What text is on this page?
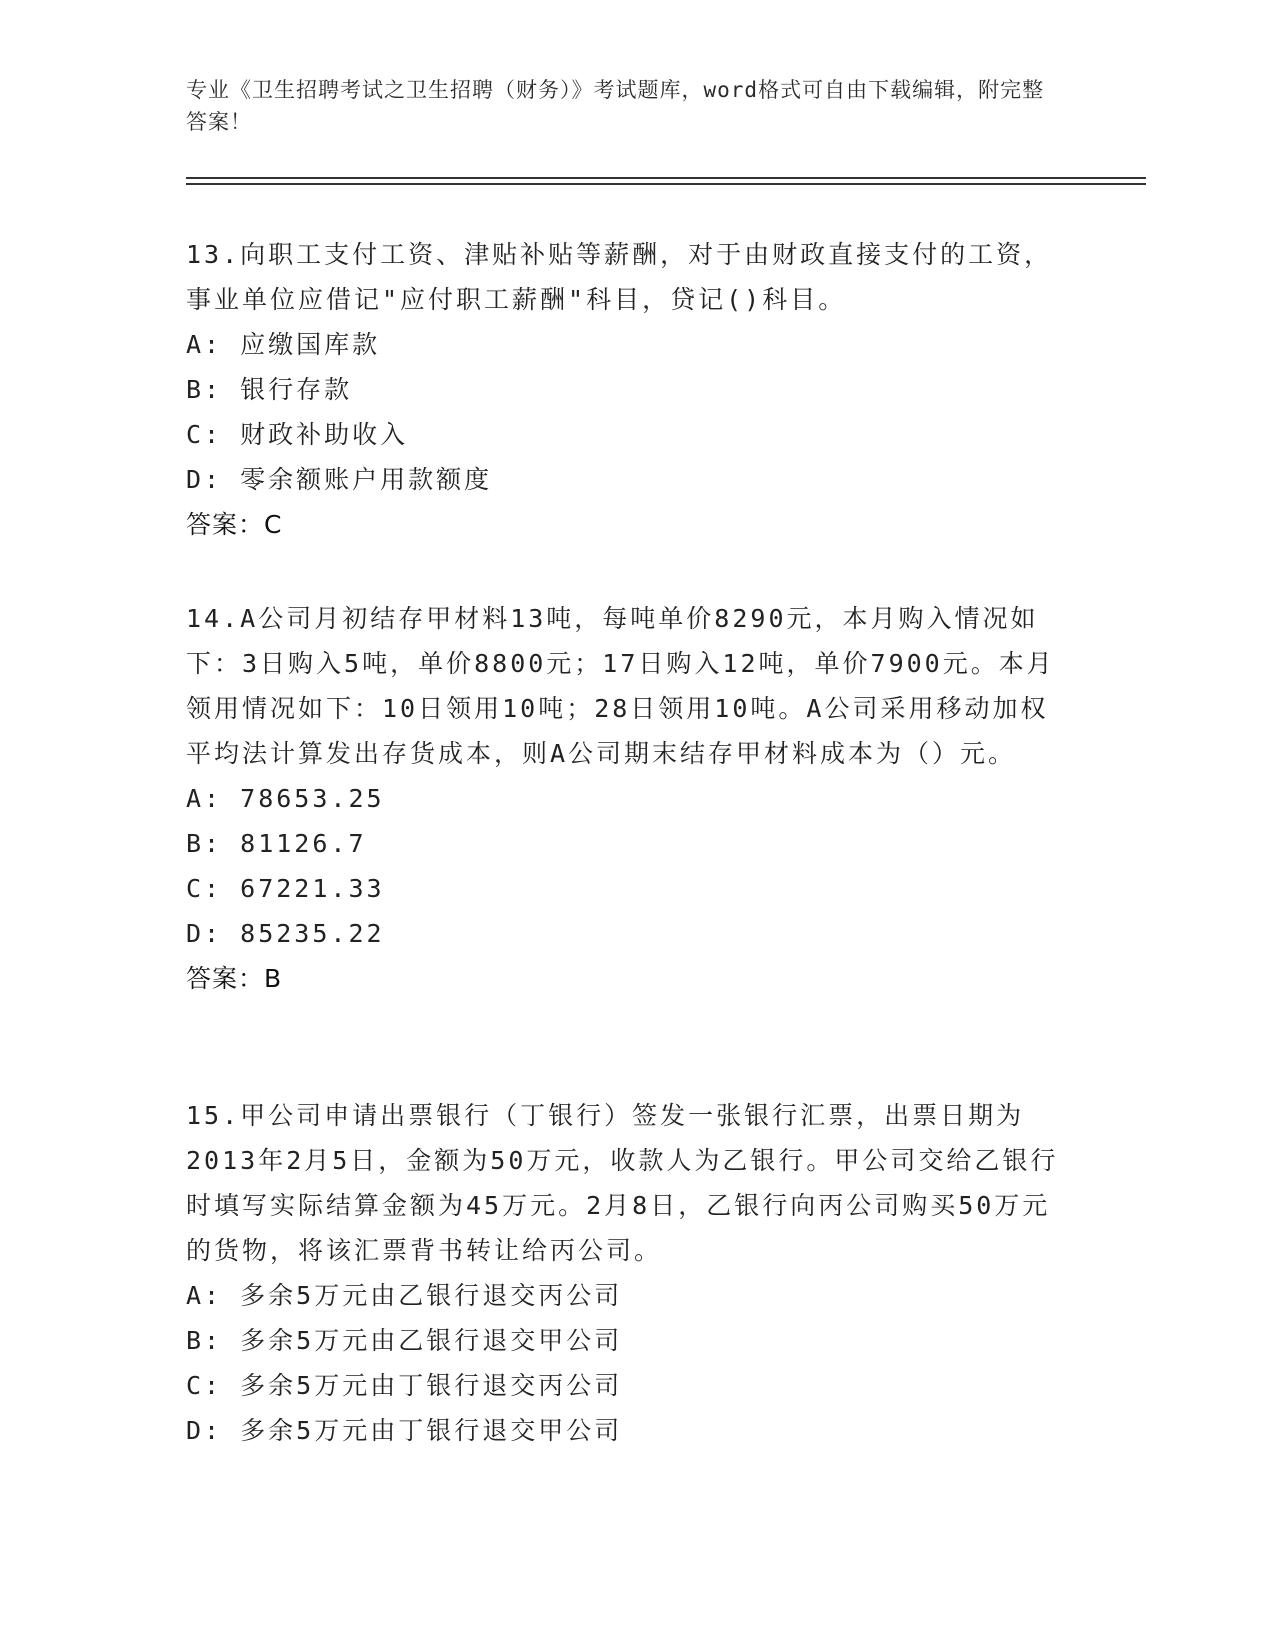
专业《卫生招聘考试之卫生招聘（财务）》考试题库，word格式可自由下载编辑，附完整答案！

13.向职工支付工资、津贴补贴等薪酬，对于由财政直接支付的工资，事业单位应借记"应付职工薪酬"科目，贷记()科目。

A: 应缴国库款

B: 银行存款

C: 财政补助收入

D: 零余额账户用款额度

答案：C

14.A公司月初结存甲材料13吨，每吨单价8290元，本月购入情况如下：3日购入5吨，单价8800元；17日购入12吨，单价7900元。本月领用情况如下：10日领用10吨；28日领用10吨。A公司采用移动加权平均法计算发出存货成本，则A公司期末结存甲材料成本为（）元。

A: 78653.25

B: 81126.7

C: 67221.33

D: 85235.22

答案：B

15.甲公司申请出票银行（丁银行）签发一张银行汇票，出票日期为2013年2月5日，金额为50万元，收款人为乙银行。甲公司交给乙银行时填写实际结算金额为45万元。2月8日，乙银行向丙公司购买50万元的货物，将该汇票背书转让给丙公司。

A: 多余5万元由乙银行退交丙公司

B: 多余5万元由乙银行退交甲公司

C: 多余5万元由丁银行退交丙公司

D: 多余5万元由丁银行退交甲公司
